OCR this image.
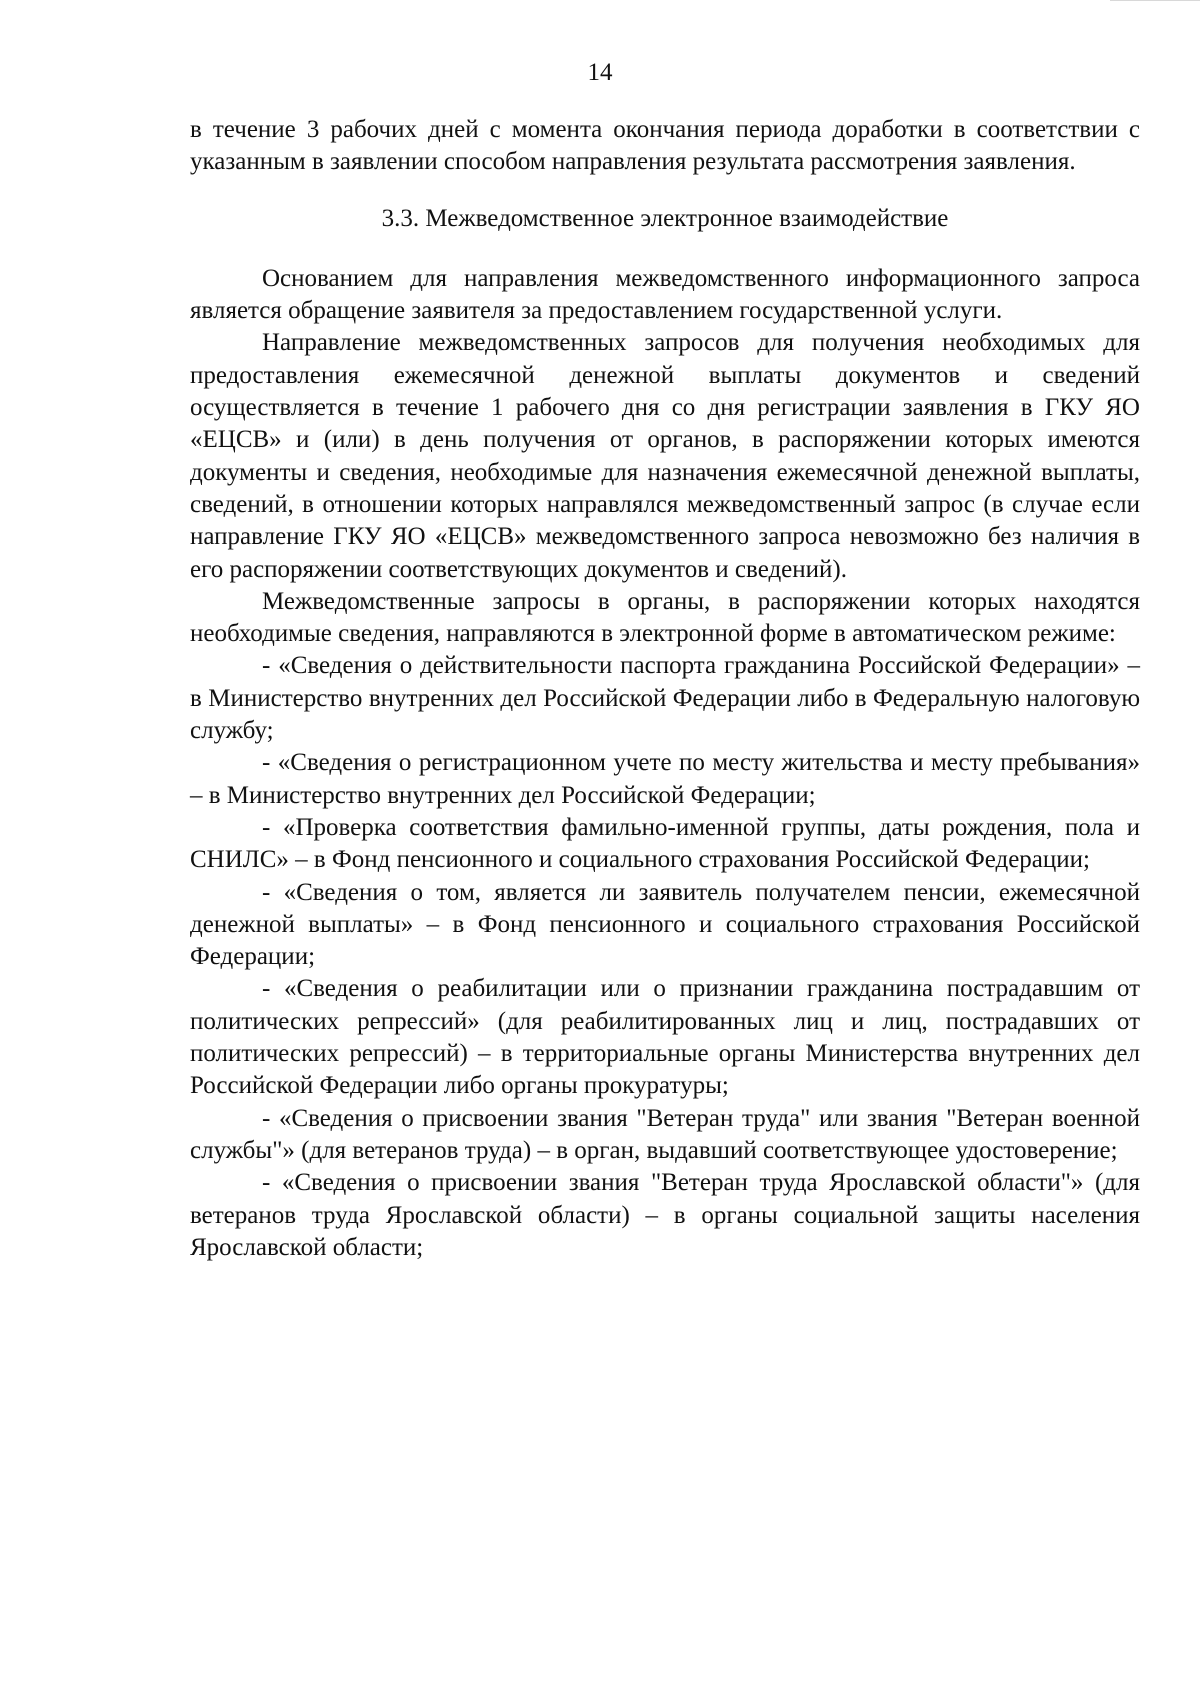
14

в течение 3 рабочих дней с момента окончания периода доработки в соответствии с указанным в заявлении способом направления результата рассмотрения заявления.

3.3. Межведомственное электронное взаимодействие

Основанием для направления межведомственного информационного запроса является обращение заявителя за предоставлением государственной услуги.

Направление межведомственных запросов для получения необходимых для предоставления ежемесячной денежной выплаты документов и сведений осуществляется в течение 1 рабочего дня со дня регистрации заявления в ГКУ ЯО «ЕЦСВ» и (или) в день получения от органов, в распоряжении которых имеются документы и сведения, необходимые для назначения ежемесячной денежной выплаты, сведений, в отношении которых направлялся межведомственный запрос (в случае если направление ГКУ ЯО «ЕЦСВ» межведомственного запроса невозможно без наличия в его распоряжении соответствующих документов и сведений).

Межведомственные запросы в органы, в распоряжении которых находятся необходимые сведения, направляются в электронной форме в автоматическом режиме:

- «Сведения о действительности паспорта гражданина Российской Федерации» – в Министерство внутренних дел Российской Федерации либо в Федеральную налоговую службу;

- «Сведения о регистрационном учете по месту жительства и месту пребывания» – в Министерство внутренних дел Российской Федерации;

- «Проверка соответствия фамильно-именной группы, даты рождения, пола и СНИЛС» – в Фонд пенсионного и социального страхования Российской Федерации;

- «Сведения о том, является ли заявитель получателем пенсии, ежемесячной денежной выплаты» – в Фонд пенсионного и социального страхования Российской Федерации;

- «Сведения о реабилитации или о признании гражданина пострадавшим от политических репрессий» (для реабилитированных лиц и лиц, пострадавших от политических репрессий) – в территориальные органы Министерства внутренних дел Российской Федерации либо органы прокуратуры;

- «Сведения о присвоении звания "Ветеран труда" или звания "Ветеран военной службы"» (для ветеранов труда) – в орган, выдавший соответствующее удостоверение;

- «Сведения о присвоении звания "Ветеран труда Ярославской области"» (для ветеранов труда Ярославской области) – в органы социальной защиты населения Ярославской области;
